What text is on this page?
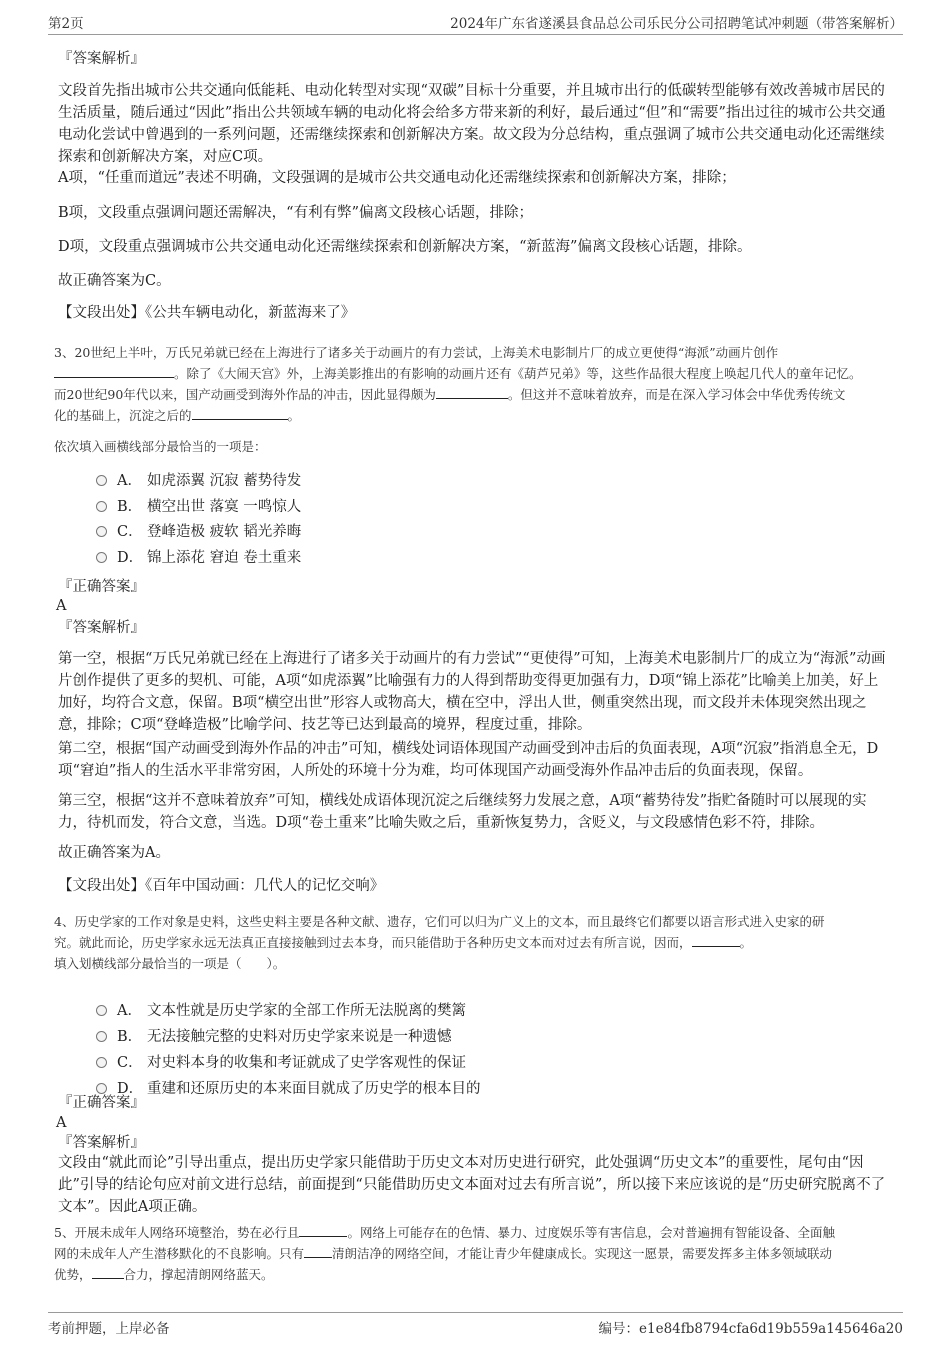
第2页	2024年广东省遂溪县食品总公司乐民分公司招聘笔试冲刺题（带答案解析）
『答案解析』
文段首先指出城市公共交通向低能耗、电动化转型对实现“双碳”目标十分重要，并且城市出行的低碳转型能够有效改善城市居民的生活质量，随后通过“因此”指出公共领域车辆的电动化将会给多方带来新的利好，最后通过“但”和“需要”指出过往的城市公共交通电动化尝试中曾遇到的一系列问题，还需继续探索和创新解决方案。故文段为分总结构，重点强调了城市公共交通电动化还需继续探索和创新解决方案，对应C项。
A项，“任重而道远”表述不明确，文段强调的是城市公共交通电动化还需继续探索和创新解决方案，排除；
B项，文段重点强调问题还需解决，“有利有弊”偏离文段核心话题，排除；
D项，文段重点强调城市公共交通电动化还需继续探索和创新解决方案，“新蓝海”偏离文段核心话题，排除。
故正确答案为C。
【文段出处】《公共车辆电动化，新蓝海来了》
3、20世纪上半叶，万氏兄弟就已经在上海进行了诸多关于动画片的有力尝试，上海美术电影制片厂的成立更使得“海派”动画片创作
。除了《大闹天宫》外，上海美影推出的有影响的动画片还有《葫芦兄弟》等，这些作品很大程度上唤起几代人的童年记忆。
而20世纪90年代以来，国产动画受到海外作品的冲击，因此显得颇为	。但这并不意味着放弃，而是在深入学习体会中华优秀传统文
化的基础上，沉淀之后的	。
依次填入画横线部分最恰当的一项是：
A． 如虎添翼 沉寂 蓄势待发
B． 横空出世 落寞 一鸣惊人
C． 登峰造极 疲软 韬光养晦
D． 锦上添花 窘迫 卷土重来
『正确答案』
A
『答案解析』
第一空，根据“万氏兄弟就已经在上海进行了诸多关于动画片的有力尝试”“更使得”可知，上海美术电影制片厂的成立为“海派”动画片创作提供了更多的契机、可能，A项“如虎添翼”比喻强有力的人得到帮助变得更加强有力，D项“锦上添花”比喻美上加美，好上加好，均符合文意，保留。B项“横空出世”形容人或物高大，横在空中，浮出人世，侧重突然出现，而文段并未体现突然出现之意，排除；C项“登峰造极”比喻学问、技艺等已达到最高的境界，程度过重，排除。
第二空，根据“国产动画受到海外作品的冲击”可知，横线处词语体现国产动画受到冲击后的负面表现，A项“沉寂”指消息全无，D项“窘迫”指人的生活水平非常穷困，人所处的环境十分为难，均可体现国产动画受海外作品冲击后的负面表现，保留。
第三空，根据“这并不意味着放弃”可知，横线处成语体现沉淀之后继续努力发展之意，A项“蓄势待发”指贮备随时可以展现的实力，待机而发，符合文意，当选。D项“卷土重来”比喻失败之后，重新恢复势力，含贬义，与文段感情色彩不符，排除。
故正确答案为A。
【文段出处】《百年中国动画：几代人的记忆交响》
4、历史学家的工作对象是史料，这些史料主要是各种文献、遗存，它们可以归为广义上的文本，而且最终它们都要以语言形式进入史家的研
究。就此而论，历史学家永远无法真正直接接触到过去本身，而只能借助于各种历史文本而对过去有所言说，因而，	。
填入划横线部分最恰当的一项是（　　）。
A． 文本性就是历史学家的全部工作所无法脱离的樊篱
B． 无法接触完整的史料对历史学家来说是一种遗憾
C． 对史料本身的收集和考证就成了史学客观性的保证
D． 重建和还原历史的本来面目就成了历史学的根本目的
『正确答案』
A
『答案解析』
文段由“就此而论”引导出重点，提出历史学家只能借助于历史文本对历史进行研究，此处强调“历史文本”的重要性，尾句由“因此”引导的结论句应对前文进行总结，前面提到“只能借助历史文本面对过去有所言说”，所以接下来应该说的是“历史研究脱离不了文本”。因此A项正确。
5、开展未成年人网络环境整治，势在必行且	。网络上可能存在的色情、暴力、过度娱乐等有害信息，会对普遍拥有智能设备、全面触
网的未成年人产生潜移默化的不良影响。只有 清朗洁净的网络空间，才能让青少年健康成长。实现这一愿景，需要发挥多主体多领域联动
优势，	合力，撑起清朗网络蓝天。
考前押题，上岸必备	编号：e1e84fb8794cfa6d19b559a145646a20
